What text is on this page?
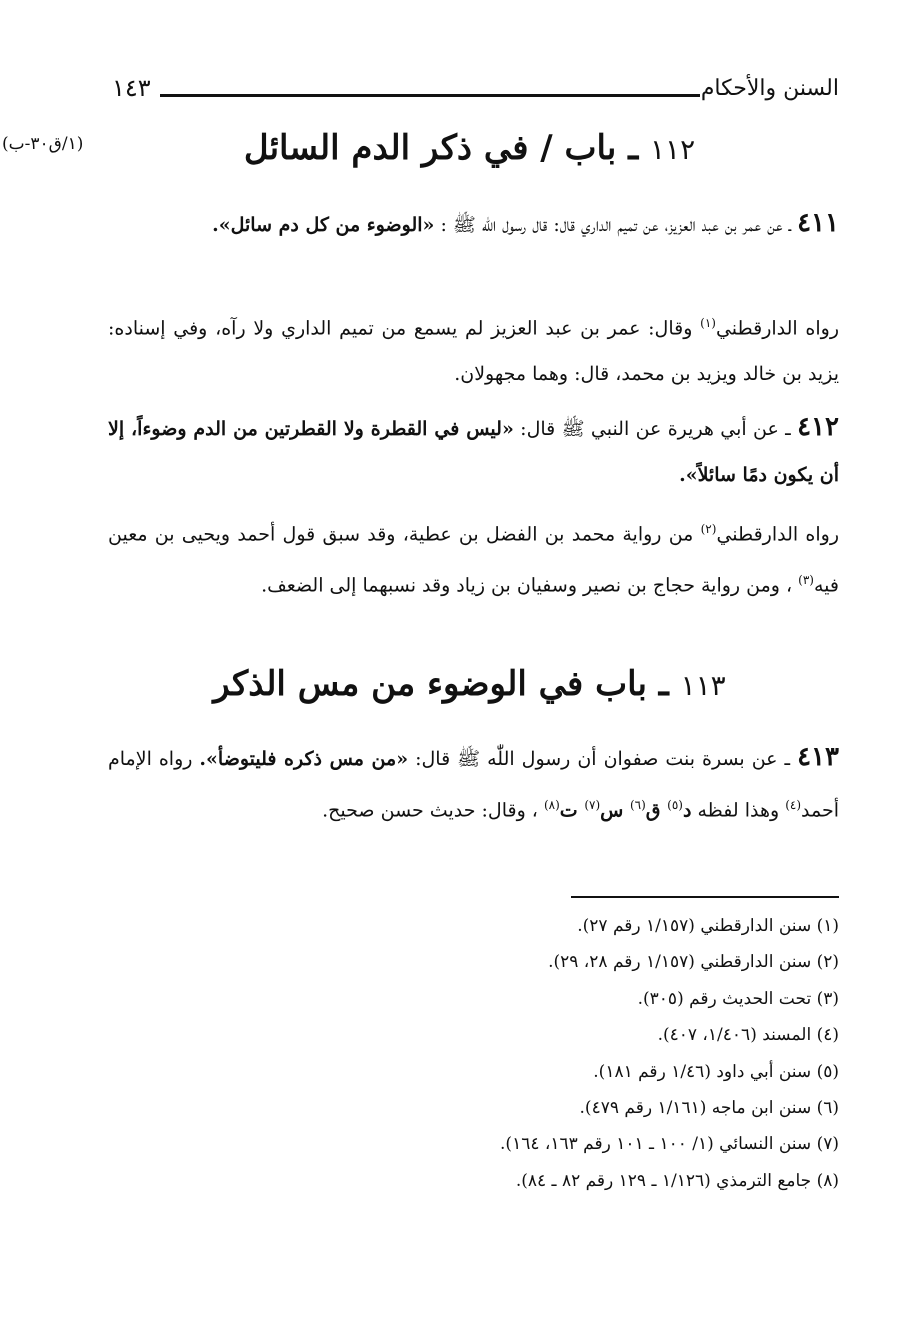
السنن والأحكام
١٤٣
(١/ق٣٠-ب)	١١٢ ـ باب / في ذكر الدم السائل
٤١١ ـ عن عمر بن عبد العزيز، عن تميم الداري قال: قال رسول اللّٰه ﷺ : «الوضوء من كل دم سائل».
رواه الدارقطني$^{(١)}$ وقال: عمر بن عبد العزيز لم يسمع من تميم الداري ولا رآه، وفي إسناده: يزيد بن خالد ويزيد بن محمد، قال: وهما مجهولان.
٤١٢ ـ عن أبي هريرة عن النبي ﷺ قال: «ليس في القطرة ولا القطرتين من الدم وضوءاً، إلا أن يكون دمًا سائلاً».
رواه الدارقطني$^{(٢)}$ من رواية محمد بن الفضل بن عطية، وقد سبق قول أحمد ويحيى بن معين فيه$^{(٣)}$ ، ومن رواية حجاج بن نصير وسفيان بن زياد وقد نسبهما إلى الضعف.
١١٣ ـ باب في الوضوء من مس الذكر
٤١٣ ـ عن بسرة بنت صفوان أن رسول اللّٰه ﷺ قال: «من مس ذكره فليتوضأ». رواه الإمام أحمد$^{(٤)}$ وهذا لفظه د$^{(٥)}$ ق$^{(٦)}$ س$^{(٧)}$ ت$^{(٨)}$ ، وقال: حديث حسن صحيح.
(١) سنن الدارقطني (١/١٥٧ رقم ٢٧).
(٢) سنن الدارقطني (١/١٥٧ رقم ٢٨، ٢٩).
(٣) تحت الحديث رقم (٣٠٥).
(٤) المسند (١/٤٠٦، ٤٠٧).
(٥) سنن أبي داود (١/٤٦ رقم ١٨١).
(٦) سنن ابن ماجه (١/١٦١ رقم ٤٧٩).
(٧) سنن النسائي (١/ ١٠٠ ـ ١٠١ رقم ١٦٣، ١٦٤).
(٨) جامع الترمذي (١/١٢٦ ـ ١٢٩ رقم ٨٢ ـ ٨٤).
